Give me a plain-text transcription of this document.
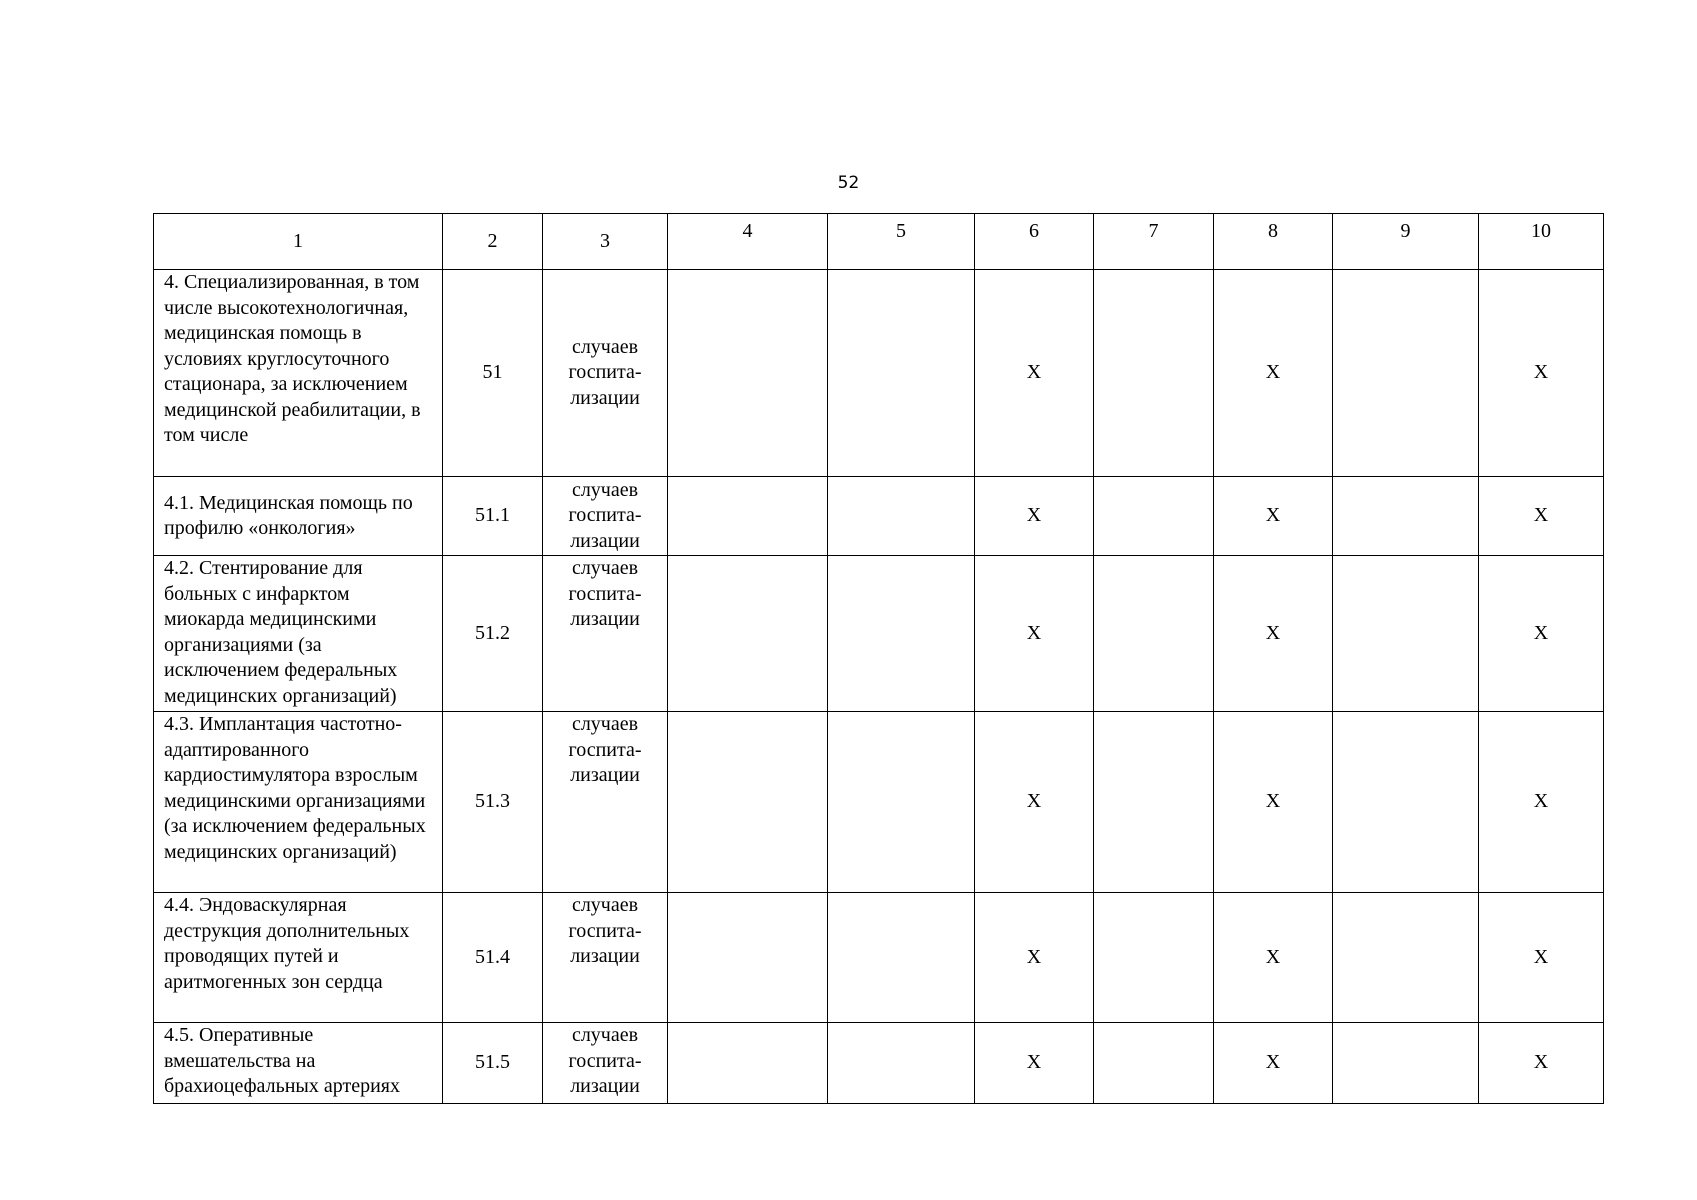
52
1	2	3	4	5	6	7	8	9	10
4. Специализированная, в том числе высокотехнологичная, медицинская помощь в условиях круглосуточного стационара, за исключением медицинской реабилитации, в том числе	51	случаев госпита-лизации			Х		Х		Х
4.1. Медицинская помощь по профилю «онкология»	51.1	случаев госпита-лизации			Х		Х		Х
4.2. Стентирование для больных с инфарктом миокарда медицинскими организациями (за исключением федеральных медицинских организаций)	51.2	случаев госпита-лизации			Х		Х		Х
4.3. Имплантация частотно-адаптированного кардиостимулятора взрослым медицинскими организациями (за исключением федеральных медицинских организаций)	51.3	случаев госпита-лизации			Х		Х		Х
4.4. Эндоваскулярная деструкция дополнительных проводящих путей и аритмогенных зон сердца	51.4	случаев госпита-лизации			Х		Х		Х
4.5. Оперативные вмешательства на брахиоцефальных артериях	51.5	случаев госпита-лизации			Х		Х		Х
